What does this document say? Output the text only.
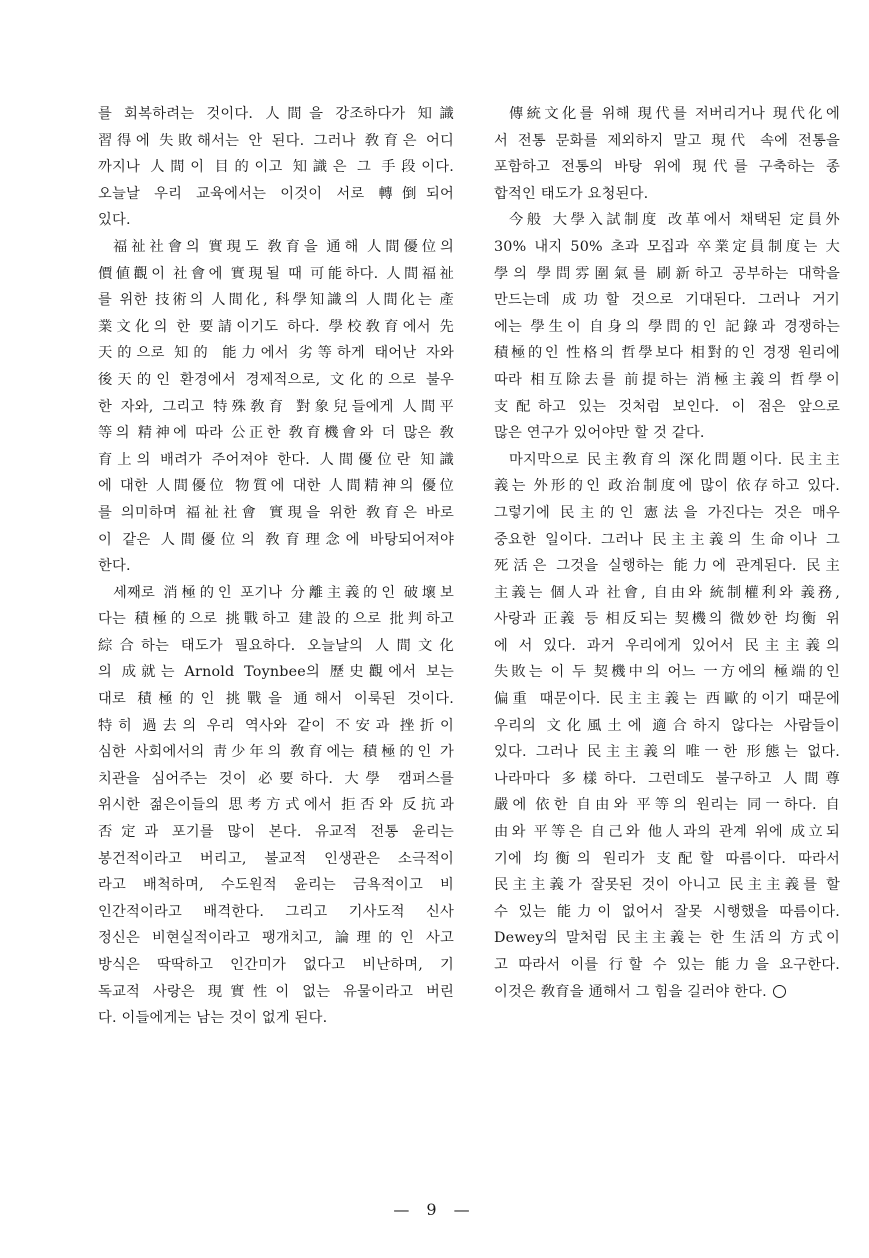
를 회복하려는 것이다. 人間을 강조하다가 知識
習得에 失敗해서는 안 된다. 그러나 敎育은 어디
까지나 人間이 目的이고 知識은 그 手段이다.
오늘날 우리 교육에서는 이것이 서로 轉倒되어
있다.
福祉社會의 實現도 敎育을 通해 人間優位의
價値觀이 社會에 實現될 때 可能하다. 人間福祉
를 위한 技術의 人間化, 科學知識의 人間化는 產
業文化의 한 要請이기도 하다. 學校敎育에서 先
天的으로 知的 能力에서 劣等하게 태어난 자와
後天的인 환경에서 경제적으로, 文化的으로 불우
한 자와, 그리고 特殊敎育 對象兒들에게 人間平
等의 精神에 따라 公正한 敎育機會와 더 많은 敎
育上의 배려가 주어져야 한다. 人間優位란 知識
에 대한 人間優位 物質에 대한 人間精神의 優位
를 의미하며 福祉社會 實現을 위한 敎育은 바로
이 같은 人間優位의 敎育理念에 바탕되어져야
한다.
세째로 消極的인 포기나 分離主義的인 破壞보
다는 積極的으로 挑戰하고 建設的으로 批判하고
綜合하는 태도가 필요하다. 오늘날의 人間文化
의 成就는 Arnold Toynbee의 歷史觀에서 보는
대로 積極的인 挑戰을 通해서 이룩된 것이다.
特히 過去의 우리 역사와 같이 不安과 挫折이
심한 사회에서의 靑少年의 敎育에는 積極的인 가
치관을 심어주는 것이 必要하다. 大學 캠퍼스를
위시한 젊은이들의 思考方式에서 拒否와 反抗과
否定과 포기를 많이 본다. 유교적 전통 윤리는
봉건적이라고 버리고, 불교적 인생관은 소극적이
라고 배척하며, 수도원적 윤리는 금욕적이고 비
인간적이라고 배격한다. 그리고 기사도적 신사
정신은 비현실적이라고 팽개치고, 論理的인 사고
방식은 딱딱하고 인간미가 없다고 비난하며, 기
독교적 사랑은 現實性이 없는 유물이라고 버린
다. 이들에게는 남는 것이 없게 된다.
傳統文化를 위해 現代를 저버리거나 現代化에
서 전통 문화를 제외하지 말고 現代 속에 전통을
포함하고 전통의 바탕 위에 現代를 구축하는 종
합적인 태도가 요청된다.
今般 大學入試制度 改革에서 채택된 定員外
30% 내지 50% 초과 모집과 卒業定員制度는 大
學의 學問雰圍氣를 刷新하고 공부하는 대학을
만드는데 成功할 것으로 기대된다. 그러나 거기
에는 學生이 自身의 學問的인 記錄과 경쟁하는
積極的인 性格의 哲學보다 相對的인 경쟁 원리에
따라 相互除去를 前提하는 消極主義의 哲學이
支配하고 있는 것처럼 보인다. 이 점은 앞으로
많은 연구가 있어야만 할 것 같다.
마지막으로 民主敎育의 深化問題이다. 民主主
義는 外形的인 政治制度에 많이 依存하고 있다.
그렇기에 民主的인 憲法을 가진다는 것은 매우
중요한 일이다. 그러나 民主主義의 生命이나 그
死活은 그것을 실행하는 能力에 관계된다. 民主
主義는 個人과 社會, 自由와 統制權利와 義務,
사랑과 正義 등 相反되는 契機의 微妙한 均衡 위
에 서 있다. 과거 우리에게 있어서 民主主義의
失敗는 이 두 契機中의 어느 一方에의 極端的인
偏重 때문이다. 民主主義는 西歐的이기 때문에
우리의 文化風土에 適合하지 않다는 사람들이
있다. 그러나 民主主義의 唯一한 形態는 없다.
나라마다 多樣하다. 그런데도 불구하고 人間尊
嚴에 依한 自由와 平等의 원리는 同一하다. 自
由와 平等은 自己와 他人과의 관계 위에 成立되
기에 均衡의 원리가 支配할 따름이다. 따라서
民主主義가 잘못된 것이 아니고 民主主義를 할
수 있는 能力이 없어서 잘못 시행했을 따름이다.
Dewey의 말처럼 民主主義는 한 生活의 方式이
고 따라서 이를 行할 수 있는 能力을 요구한다.
이것은 敎育을 通해서 그 힘을 길러야 한다.
— 9 —
